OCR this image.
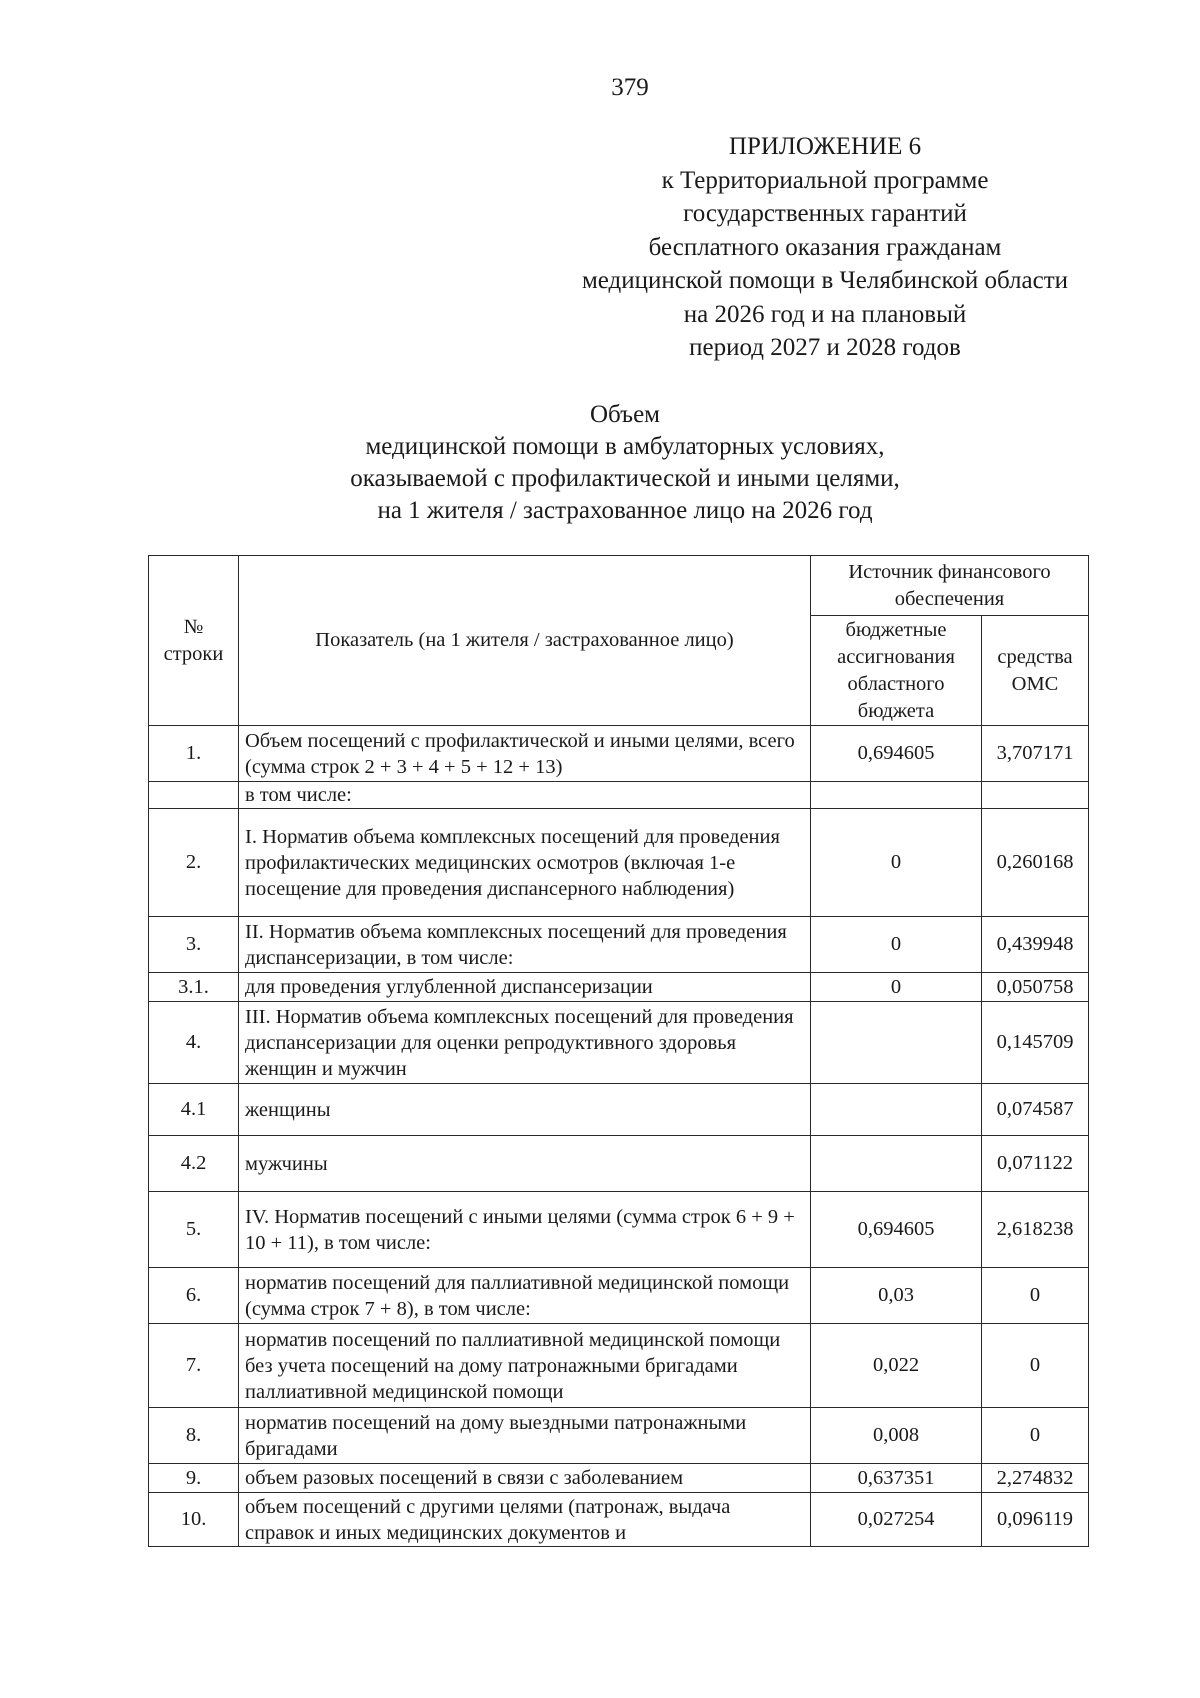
379
ПРИЛОЖЕНИЕ 6
к Территориальной программе
государственных гарантий
бесплатного оказания гражданам
медицинской помощи в Челябинской области
на 2026 год и на плановый
период 2027 и 2028 годов
Объем
медицинской помощи в амбулаторных условиях,
оказываемой с профилактической и иными целями,
на 1 жителя / застрахованное лицо на 2026 год
№ строки	Показатель (на 1 жителя / застрахованное лицо)	Источник финансового обеспечения	
		бюджетные ассигнования областного бюджета	средства ОМС
1.	Объем посещений с профилактической и иными целями, всего (сумма строк 2 + 3 + 4 + 5 + 12 + 13)	0,694605	3,707171
	в том числе:		
2.	I. Норматив объема комплексных посещений для проведения профилактических медицинских осмотров (включая 1-е посещение для проведения диспансерного наблюдения)	0	0,260168
3.	II. Норматив объема комплексных посещений для проведения диспансеризации, в том числе:	0	0,439948
3.1.	для проведения углубленной диспансеризации	0	0,050758
4.	III. Норматив объема комплексных посещений для проведения диспансеризации для оценки репродуктивного здоровья женщин и мужчин		0,145709
4.1	женщины		0,074587
4.2	мужчины		0,071122
5.	IV. Норматив посещений с иными целями (сумма строк 6 + 9 + 10 + 11), в том числе:	0,694605	2,618238
6.	норматив посещений для паллиативной медицинской помощи (сумма строк 7 + 8), в том числе:	0,03	0
7.	норматив посещений по паллиативной медицинской помощи без учета посещений на дому патронажными бригадами паллиативной медицинской помощи	0,022	0
8.	норматив посещений на дому выездными патронажными бригадами	0,008	0
9.	объем разовых посещений в связи с заболеванием	0,637351	2,274832
10.	объем посещений с другими целями (патронаж, выдача справок и иных медицинских документов и	0,027254	0,096119
